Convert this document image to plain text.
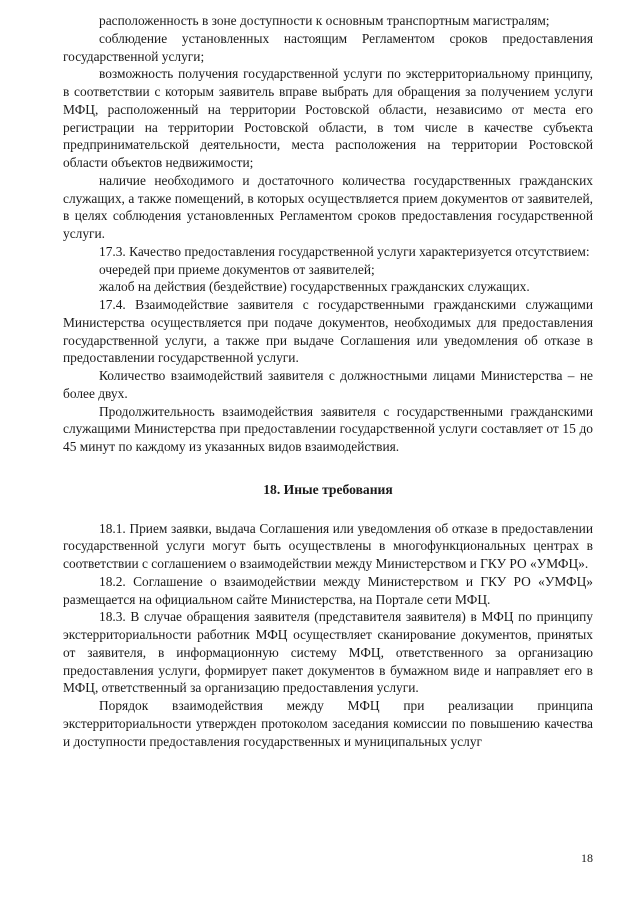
расположенность в зоне доступности к основным транспортным магистралям;

соблюдение установленных настоящим Регламентом сроков предоставления государственной услуги;

возможность получения государственной услуги по экстерриториальному принципу, в соответствии с которым заявитель вправе выбрать для обращения за получением услуги МФЦ, расположенный на территории Ростовской области, независимо от места его регистрации на территории Ростовской области, в том числе в качестве субъекта предпринимательской деятельности, места расположения на территории Ростовской области объектов недвижимости;

наличие необходимого и достаточного количества государственных гражданских служащих, а также помещений, в которых осуществляется прием документов от заявителей, в целях соблюдения установленных Регламентом сроков предоставления государственной услуги.

17.3. Качество предоставления государственной услуги характеризуется отсутствием:

очередей при приеме документов от заявителей;

жалоб на действия (бездействие) государственных гражданских служащих.

17.4. Взаимодействие заявителя с государственными гражданскими служащими Министерства осуществляется при подаче документов, необходимых для предоставления государственной услуги, а также при выдаче Соглашения или уведомления об отказе в предоставлении государственной услуги.

Количество взаимодействий заявителя с должностными лицами Министерства – не более двух.

Продолжительность взаимодействия заявителя с государственными гражданскими служащими Министерства при предоставлении государственной услуги составляет от 15 до 45 минут по каждому из указанных видов взаимодействия.

18. Иные требования

18.1. Прием заявки, выдача Соглашения или уведомления об отказе в предоставлении государственной услуги могут быть осуществлены в многофункциональных центрах в соответствии с соглашением о взаимодействии между Министерством и ГКУ РО «УМФЦ».

18.2. Соглашение о взаимодействии между Министерством и ГКУ РО «УМФЦ» размещается на официальном сайте Министерства, на Портале сети МФЦ.

18.3. В случае обращения заявителя (представителя заявителя) в МФЦ по принципу экстерриториальности работник МФЦ осуществляет сканирование документов, принятых от заявителя, в информационную систему МФЦ, ответственного за организацию предоставления услуги, формирует пакет документов в бумажном виде и направляет его в МФЦ, ответственный за организацию предоставления услуги.

Порядок взаимодействия между МФЦ при реализации принципа экстерриториальности утвержден протоколом заседания комиссии по повышению качества и доступности предоставления государственных и муниципальных услуг

18
